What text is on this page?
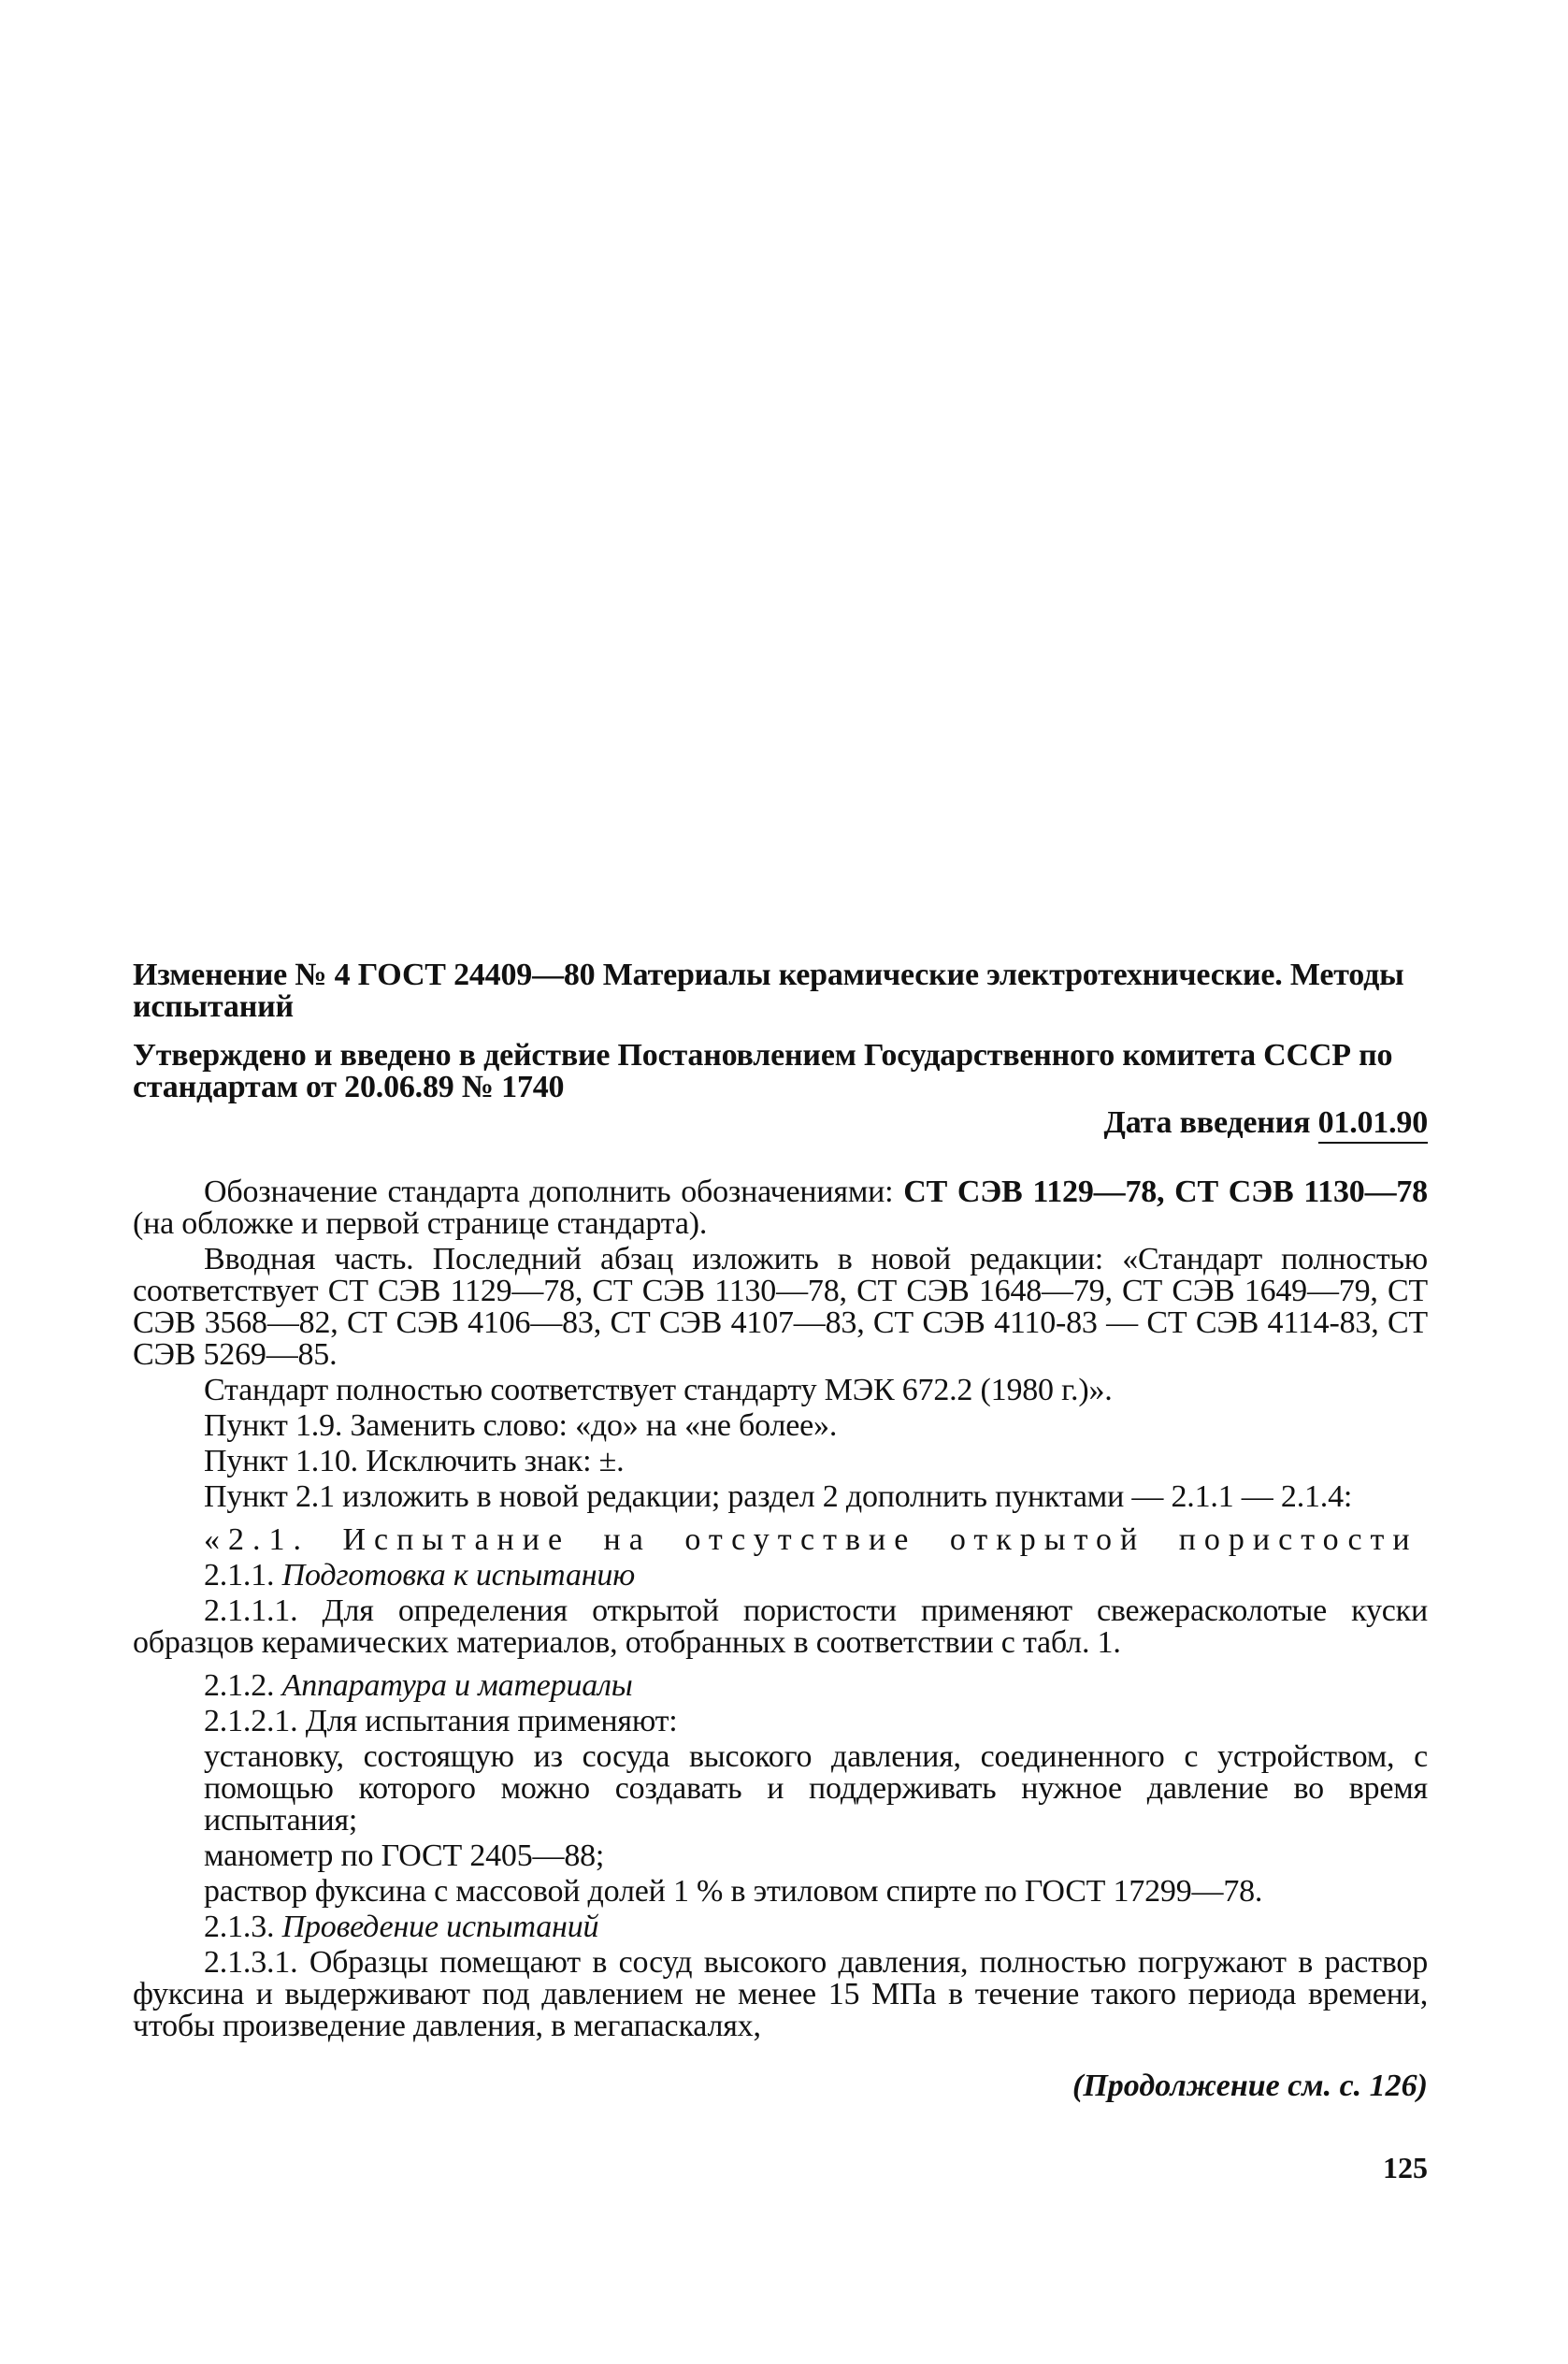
Изменение № 4 ГОСТ 24409—80 Материалы керамические электротехнические. Методы испытаний
Утверждено и введено в действие Постановлением Государственного комитета СССР по стандартам от 20.06.89 № 1740
Дата введения 01.01.90
Обозначение стандарта дополнить обозначениями: СТ СЭВ 1129—78, СТ СЭВ 1130—78 (на обложке и первой странице стандарта).
Вводная часть. Последний абзац изложить в новой редакции: «Стандарт полностью соответствует СТ СЭВ 1129—78, СТ СЭВ 1130—78, СТ СЭВ 1648—79, СТ СЭВ 1649—79, СТ СЭВ 3568—82, СТ СЭВ 4106—83, СТ СЭВ 4107—83, СТ СЭВ 4110-83 — СТ СЭВ 4114-83, СТ СЭВ 5269—85.
Стандарт полностью соответствует стандарту МЭК 672.2 (1980 г.)».
Пункт 1.9. Заменить слово: «до» на «не более».
Пункт 1.10. Исключить знак: ±.
Пункт 2.1 изложить в новой редакции; раздел 2 дополнить пунктами — 2.1.1 — 2.1.4:
«2.1. Испытание на отсутствие открытой пористости
2.1.1. Подготовка к испытанию
2.1.1.1. Для определения открытой пористости применяют свежерасколотые куски образцов керамических материалов, отобранных в соответствии с табл. 1.
2.1.2. Аппаратура и материалы
2.1.2.1. Для испытания применяют:
установку, состоящую из сосуда высокого давления, соединенного с устройством, с помощью которого можно создавать и поддерживать нужное давление во время испытания;
манометр по ГОСТ 2405—88;
раствор фуксина с массовой долей 1 % в этиловом спирте по ГОСТ 17299—78.
2.1.3. Проведение испытаний
2.1.3.1. Образцы помещают в сосуд высокого давления, полностью погружают в раствор фуксина и выдерживают под давлением не менее 15 МПа в течение такого периода времени, чтобы произведение давления, в мегапаскалях,
(Продолжение см. с. 126)
125
